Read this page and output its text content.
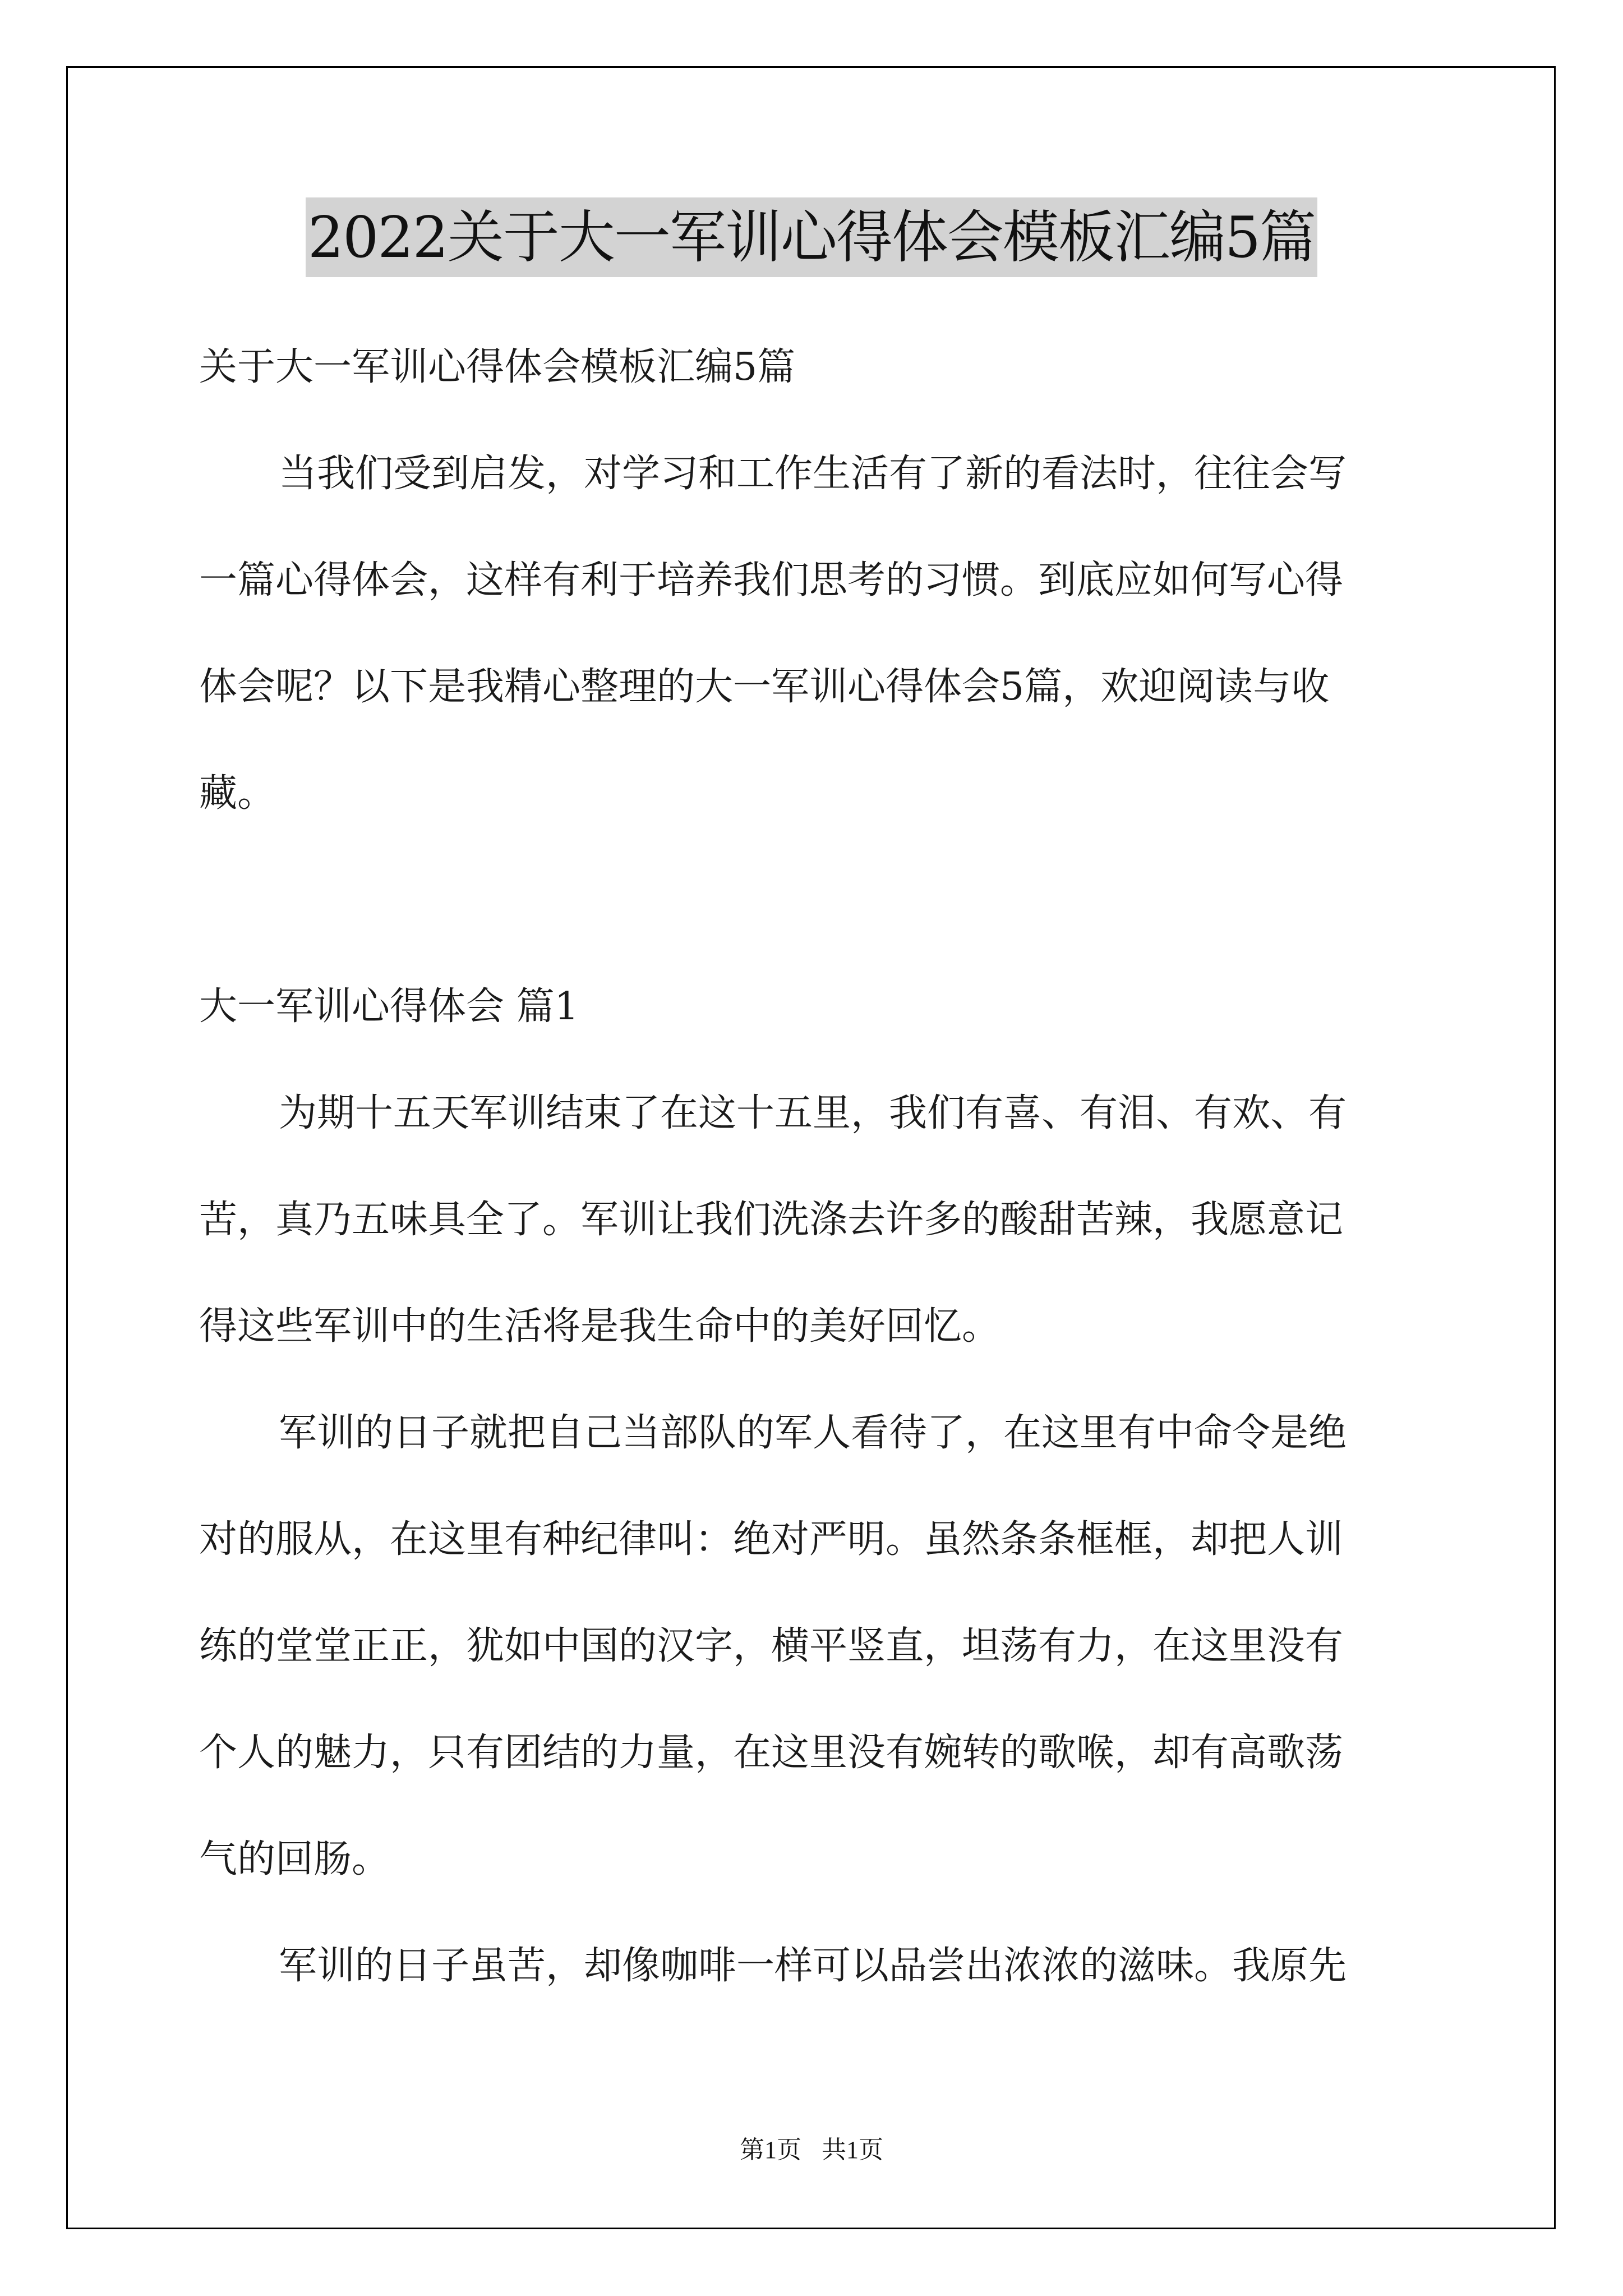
2022关于大一军训心得体会模板汇编5篇
关于大一军训心得体会模板汇编5篇
当我们受到启发，对学习和工作生活有了新的看法时，往往会写
一篇心得体会，这样有利于培养我们思考的习惯。到底应如何写心得
体会呢？以下是我精心整理的大一军训心得体会5篇，欢迎阅读与收
藏。
大一军训心得体会 篇1
为期十五天军训结束了在这十五里，我们有喜、有泪、有欢、有
苦，真乃五味具全了。军训让我们洗涤去许多的酸甜苦辣，我愿意记
得这些军训中的生活将是我生命中的美好回忆。
军训的日子就把自己当部队的军人看待了，在这里有中命令是绝
对的服从，在这里有种纪律叫：绝对严明。虽然条条框框，却把人训
练的堂堂正正，犹如中国的汉字，横平竖直，坦荡有力，在这里没有
个人的魅力，只有团结的力量，在这里没有婉转的歌喉，却有高歌荡
气的回肠。
军训的日子虽苦，却像咖啡一样可以品尝出浓浓的滋味。我原先
第1页 共1页
